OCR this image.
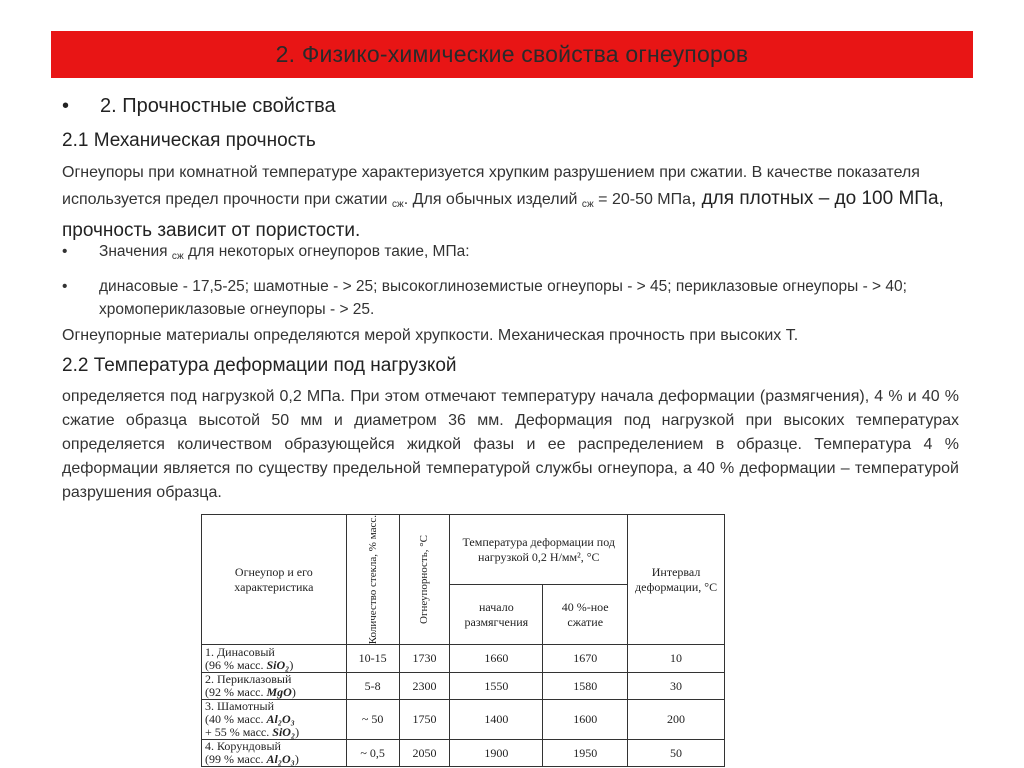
2. Физико-химические свойства огнеупоров
• 2. Прочностные свойства
2.1 Механическая прочность
Огнеупоры при комнатной температуре характеризуется хрупким разрушением при сжатии. В качестве показателя используется предел прочности при сжатии $_{сж}$. Для обычных изделий $_{сж}$ = 20-50 МПа, для плотных – до 100 МПа, прочность зависит от пористости.
•	Значения $_{сж}$ для некоторых огнеупоров такие, МПа:
•	динасовые - 17,5-25; шамотные - > 25; высокоглиноземистые огнеупоры - > 45; периклазовые огнеупоры - > 40; хромопериклазовые огнеупоры - > 25.
Огнеупорные материалы определяются мерой хрупкости. Механическая прочность при высоких Т.
2.2 Температура деформации под нагрузкой
определяется под нагрузкой 0,2 МПа. При этом отмечают температуру начала деформации (размягчения), 4 % и 40 % сжатие образца высотой 50 мм и диаметром 36 мм. Деформация под нагрузкой при высоких температурах определяется количеством образующейся жидкой фазы и ее распределением в образце. Температура 4 % деформации является по существу предельной температурой службы огнеупора, а 40 % деформации – температурой разрушения образца.
Огнеупор и его характеристика	Количество стекла, % масс.	Огнеупорность, °С	Температура деформации под нагрузкой 0,2 Н/мм², °С		Интервал деформации, °С
			начало размягчения	40 %-ное сжатие	
1. Динасовый
(96 % масс. SiO₂)	10-15	1730	1660	1670	10
2. Периклазовый
(92 % масс. MgO)	5-8	2300	1550	1580	30
3. Шамотный
(40 % масс. Al₂O₃
+ 55 % масс. SiO₂)	~ 50	1750	1400	1600	200
4. Корундовый
(99 % масс. Al₂O₃)	~ 0,5	2050	1900	1950	50
